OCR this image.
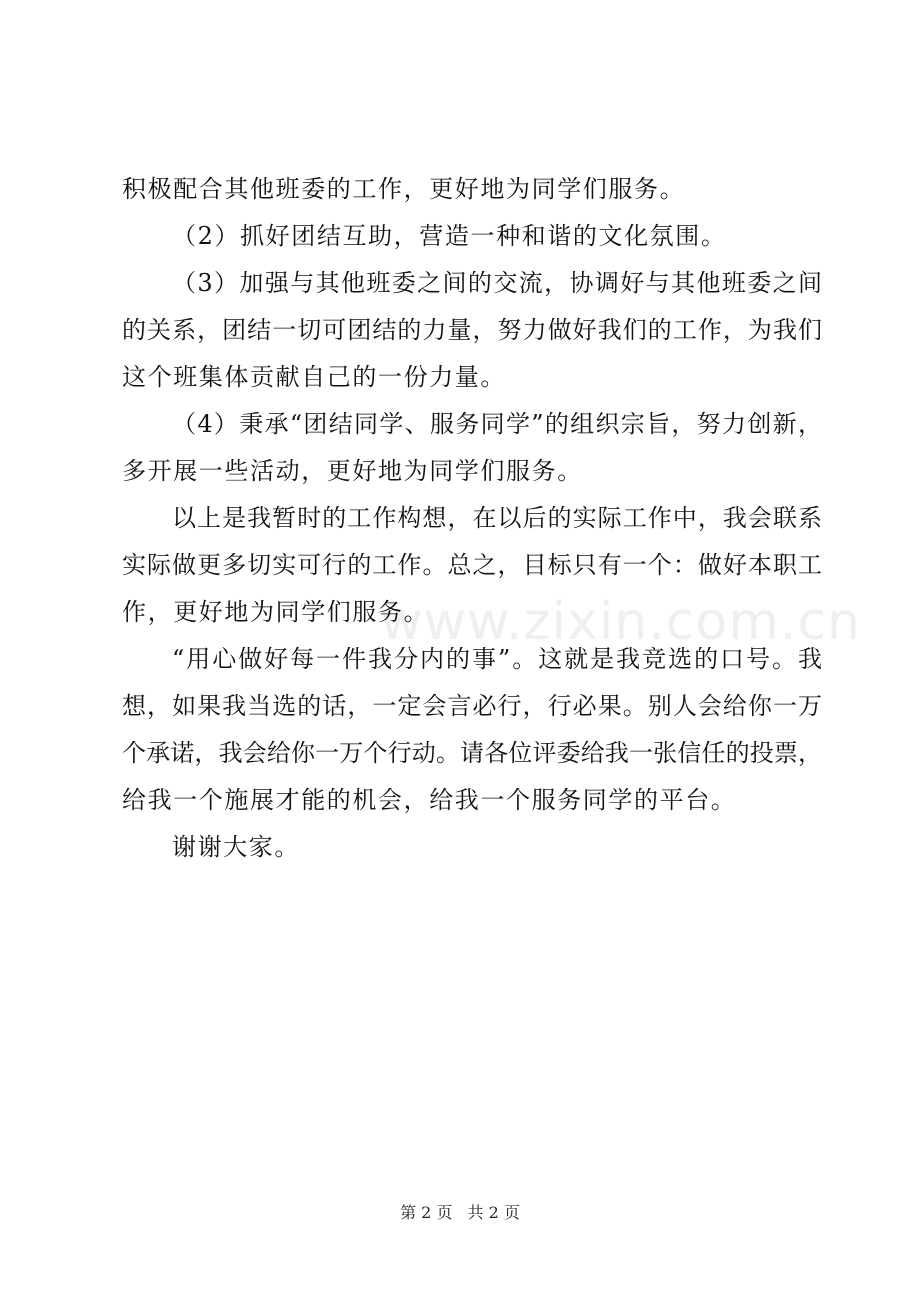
www.zixin.com.cn
积极配合其他班委的工作，更好地为同学们服务。
（2）抓好团结互助，营造一种和谐的文化氛围。
（3）加强与其他班委之间的交流，协调好与其他班委之间
的关系，团结一切可团结的力量，努力做好我们的工作，为我们
这个班集体贡献自己的一份力量。
（4）秉承“团结同学、服务同学”的组织宗旨，努力创新，
多开展一些活动，更好地为同学们服务。
以上是我暂时的工作构想，在以后的实际工作中，我会联系
实际做更多切实可行的工作。总之，目标只有一个：做好本职工
作，更好地为同学们服务。
“用心做好每一件我分内的事”。这就是我竞选的口号。我
想，如果我当选的话，一定会言必行，行必果。别人会给你一万
个承诺，我会给你一万个行动。请各位评委给我一张信任的投票，
给我一个施展才能的机会，给我一个服务同学的平台。
谢谢大家。
第 2 页 共 2 页
